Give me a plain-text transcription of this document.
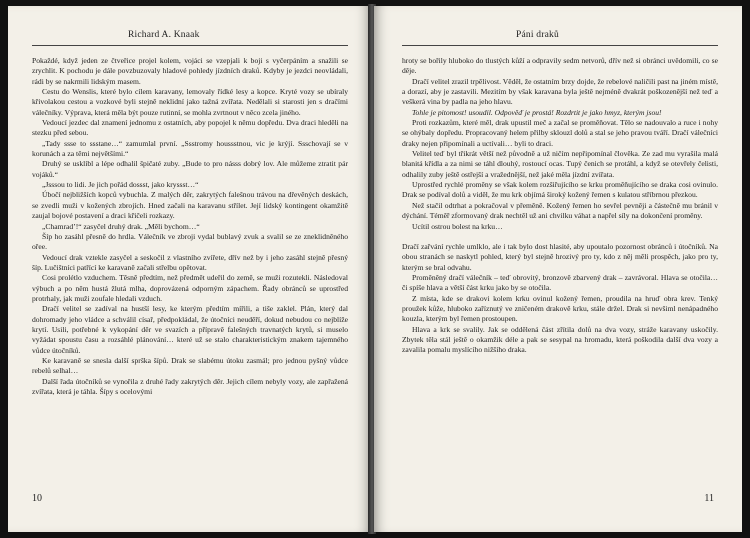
Richard A. Knaak

Pokaždé, když jeden ze čtveřice projel kolem, vojáci se vzepjali k boji s vyčerpáním a snažili se zrychlit. K pochodu je dále povzbuzovaly hladové pohledy jízdních draků. Kdyby je jezdci neovládali, rádi by se nakrmili lidským masem.

Cestu do Wenslis, které bylo cílem karavany, lemovaly řídké lesy a kopce. Kryté vozy se ubíraly křivolakou cestou a vozkové byli stejně neklidní jako tažná zvířata. Nedělali si starosti jen s dračími válečníky. Výprava, která měla být pouze rutinní, se mohla zvrtnout v něco zcela jiného.

Vedoucí jezdec dal znamení jednomu z ostatních, aby popojel k němu dopředu. Dva draci hleděli na stezku před sebou.

„Tady ssse to ssstane…“ zamumlal první. „Ssstromy houssstnou, vic je krýjí. Ssschovají se v korunách a za těmi největšími.“

Druhý se usklíbl a lépe odhalil špičaté zuby. „Bude to pro násss dobrý lov. Ale můžeme ztratit pár vojáků.“

„Jsssou to lidi. Je jich pořád dossst, jako kryssst…“

Úbočí nejbližších kopců vybuchla. Z malých děr, zakrytých falešnou trávou na dřevěných deskách, se zvedli muži v kožených zbrojích. Hned začali na karavanu střílet. Její lidský kontingent okamžitě zaujal bojové postavení a draci křičeli rozkazy.

„Chamrad’!“ zasyčel druhý drak. „Měli bychom…“

Šíp ho zasáhl přesně do hrdla. Válečník ve zbroji vydal bublavý zvuk a svalil se ze zneklidněného ořee.

Vedoucí drak vztekle zasyčel a seskočil z vlastního zvířete, dřív než by i jeho zasáhl stejně přesný šíp. Lučištníci patřící ke karavaně začali střelbu opětovat.

Cosi prolétlo vzduchem. Těsně předtím, než předmět udeřil do země, se muži rozutekli. Následoval výbuch a po něm hustá žlutá mlha, doprovázená odporným zápachem. Řady obránců se uprostřed protrhaly, jak muži zoufale hledali vzduch.

Dračí velitel se zadíval na hustší lesy, ke kterým předtím mířili, a tiše zaklel. Plán, který dal dohromady jeho vládce a schválil císař, předpokládal, že útočníci neuděří, dokud nebudou co nejblíže krytí. Usili, potřebné k vykopání děr ve svazích a přípravě falešných travnatých krytů, si muselo vyžádat spoustu času a rozsáhlé plánování… které už se stalo charakteristickým znakem tajemného vůdce útočníků.

Ke karavaně se snesla další sprška šípů. Drak se slabému útoku zasmál; pro jednou pyšný vůdce rebelů selhal…

Další řada útočníků se vynořila z druhé řady zakrytých děr. Jejich cílem nebyly vozy, ale zapřažená zvířata, která je táhla. Šípy s ocelovými

10
Páni draků

hroty se bořily hluboko do tlustých kůží a odpravily sedm netvorů, dřív než si obránci uvědomili, co se děje.

Dračí velitel zrazil trpělivost. Věděl, že ostatním brzy dojde, že rebelové naličili past na jiném místě, a dorazí, aby je zastavili. Mezitím by však karavana byla ještě nejméně dvakrát poškozenější než teď a veškerá vina by padla na jeho hlavu.

Tohle je pitomost! usoudil. Odpověď je prostá! Rozdrtit je jako hmyz, kterým jsou!

Proti rozkazům, které měl, drak upustil meč a začal se proměňovat. Tělo se nadouvalo a ruce i nohy se ohýbaly dopředu. Propracovaný helem přilby sklouzl dolů a stal se jeho pravou tváří. Dračí válečníci draky nejen připomínali a uctívali… byli to draci.

Velitel teď byl třikrát větší než původně a už ničím nepřipomínal člověka. Ze zad mu vyrašila malá blanitá křídla a za nimi se táhl dlouhý, rostoucí ocas. Tupý čenich se protáhl, a když se otevřely čelisti, odhalily zuby ještě ostřejší a vražednější, než jaké měla jízdní zvířata.

Uprostřed rychlé proměny se však kolem rozšiřujícího se krku proměňujícího se draka cosi ovinulo. Drak se podíval dolů a viděl, že mu krk objímá široký kožený řemen s kulatou stříbrnou přezkou.

Než stačil odtrhat a pokračoval v přeměně. Kožený řemen ho sevřel pevněji a částečně mu bránil v dýchání. Téměř zformovaný drak nechtěl už ani chvilku váhat a napřel síly na dokončení proměny.

Ucítil ostrou bolest na krku…

Dračí zařvání rychle umlklo, ale i tak bylo dost hlasité, aby upoutalo pozornost obránců i útočníků. Na obou stranách se naskytl pohled, který byl stejně hrozivý pro ty, kdo z něj měli prospěch, jako pro ty, kterým se bral odvahu.

Proměněný dračí válečník – teď obrovitý, bronzově zbarvený drak – zavrávoral. Hlava se otočila… či spíše hlava a větší část krku jako by se otočila.

Z místa, kde se drakovi kolem krku ovinul kožený řemen, proudila na hruď obra krev. Tenký proužek kůže, hluboko zaříznutý ve zničeném drakově krku, stále držel. Drak si nevšiml nenápadného kouzla, kterým byl řemen prostoupen.

Hlava a krk se svalily. Jak se oddělená část zřítila dolů na dva vozy, stráže karavany uskočily. Zbytek těla stál ještě o okamžik déle a pak se sesypal na hromadu, která poškodila další dva vozy a zavalila pomalu myslícího nižšího draka.

11
